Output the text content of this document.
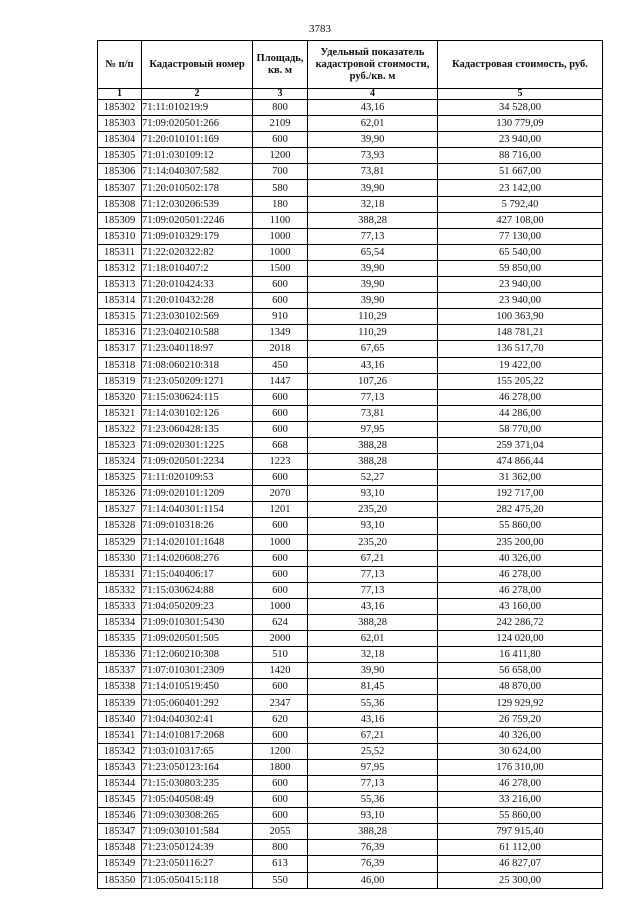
3783
№ п/п	Кадастровый номер	Площадь, кв. м	Удельный показатель кадастровой стоимости, руб./кв. м	Кадастровая стоимость, руб.
1	2	3	4	5
185302	71:11:010219:9	800	43,16	34 528,00
185303	71:09:020501:266	2109	62,01	130 779,09
185304	71:20:010101:169	600	39,90	23 940,00
185305	71:01:030109:12	1200	73,93	88 716,00
185306	71:14:040307:582	700	73,81	51 667,00
185307	71:20:010502:178	580	39,90	23 142,00
185308	71:12:030206:539	180	32,18	5 792,40
185309	71:09:020501:2246	1100	388,28	427 108,00
185310	71:09:010329:179	1000	77,13	77 130,00
185311	71:22:020322:82	1000	65,54	65 540,00
185312	71:18:010407:2	1500	39,90	59 850,00
185313	71:20:010424:33	600	39,90	23 940,00
185314	71:20:010432:28	600	39,90	23 940,00
185315	71:23:030102:569	910	110,29	100 363,90
185316	71:23:040210:588	1349	110,29	148 781,21
185317	71:23:040118:97	2018	67,65	136 517,70
185318	71:08:060210:318	450	43,16	19 422,00
185319	71:23:050209:1271	1447	107,26	155 205,22
185320	71:15:030624:115	600	77,13	46 278,00
185321	71:14:030102:126	600	73,81	44 286,00
185322	71:23:060428:135	600	97,95	58 770,00
185323	71:09:020301:1225	668	388,28	259 371,04
185324	71:09:020501:2234	1223	388,28	474 866,44
185325	71:11:020109:53	600	52,27	31 362,00
185326	71:09:020101:1209	2070	93,10	192 717,00
185327	71:14:040301:1154	1201	235,20	282 475,20
185328	71:09:010318:26	600	93,10	55 860,00
185329	71:14:020101:1648	1000	235,20	235 200,00
185330	71:14:020608:276	600	67,21	40 326,00
185331	71:15:040406:17	600	77,13	46 278,00
185332	71:15:030624:88	600	77,13	46 278,00
185333	71:04:050209:23	1000	43,16	43 160,00
185334	71:09:010301:5430	624	388,28	242 286,72
185335	71:09:020501:505	2000	62,01	124 020,00
185336	71:12:060210:308	510	32,18	16 411,80
185337	71:07:010301:2309	1420	39,90	56 658,00
185338	71:14:010519:450	600	81,45	48 870,00
185339	71:05:060401:292	2347	55,36	129 929,92
185340	71:04:040302:41	620	43,16	26 759,20
185341	71:14:010817:2068	600	67,21	40 326,00
185342	71:03:010317:65	1200	25,52	30 624,00
185343	71:23:050123:164	1800	97,95	176 310,00
185344	71:15:030803:235	600	77,13	46 278,00
185345	71:05:040508:49	600	55,36	33 216,00
185346	71:09:030308:265	600	93,10	55 860,00
185347	71:09:030101:584	2055	388,28	797 915,40
185348	71:23:050124:39	800	76,39	61 112,00
185349	71:23:050116:27	613	76,39	46 827,07
185350	71:05:050415:118	550	46,00	25 300,00
